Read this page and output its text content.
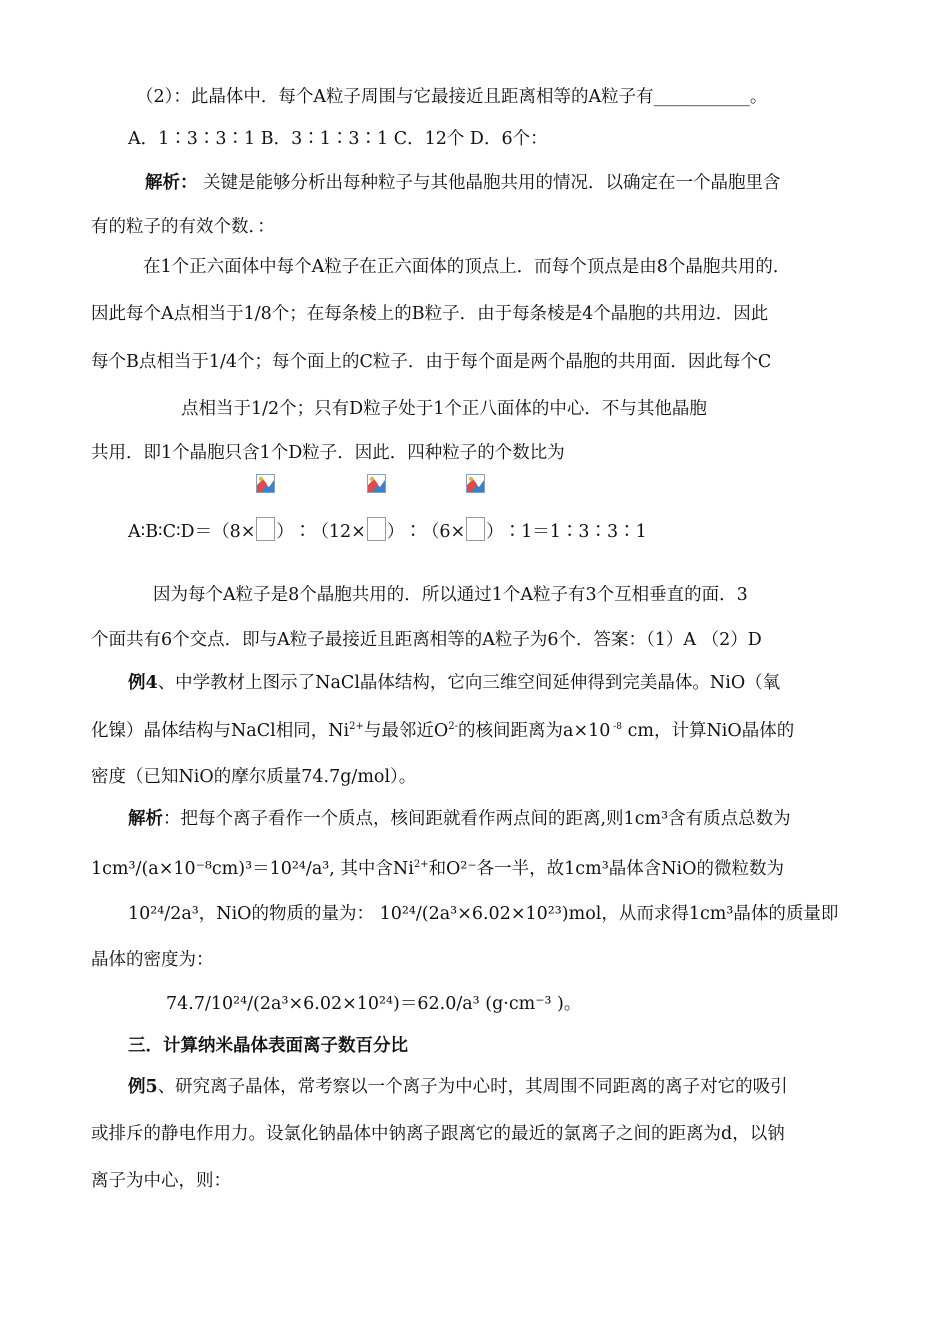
（2）：此晶体中．每个A粒子周围与它最接近且距离相等的A粒子有___________。
A．1∶3∶3∶1 B．3∶1∶3∶1 C．12个 D．6个：
解析： 关键是能够分析出每种粒子与其他晶胞共用的情况．以确定在一个晶胞里含
有的粒子的有效个数．：
在1个正六面体中每个A粒子在正六面体的顶点上．而每个顶点是由8个晶胞共用的．
因此每个A点相当于1/8个；在每条棱上的B粒子．由于每条棱是4个晶胞的共用边．因此
每个B点相当于1/4个；每个面上的C粒子．由于每个面是两个晶胞的共用面．因此每个C
点相当于1/2个；只有D粒子处于1个正八面体的中心．不与其他晶胞
共用．即1个晶胞只含1个D粒子．因此．四种粒子的个数比为
A∶B∶C∶D＝（8× ）∶（12× ）∶（6× ）∶1＝1∶3∶3∶1
因为每个A粒子是8个晶胞共用的．所以通过1个A粒子有3个互相垂直的面．3
个面共有6个交点．即与A粒子最接近且距离相等的A粒子为6个．答案：（1）A （2）D
例4、中学教材上图示了NaCl晶体结构，它向三维空间延伸得到完美晶体。NiO（氧
化镍）晶体结构与NaCl相同，$Ni^{2+}$与最邻近$O^{2-}$的核间距离为a×10 $^{-8}$ cm，计算NiO晶体的
密度（已知NiO的摩尔质量74.7g/mol）。
解析：把每个离子看作一个质点，核间距就看作两点间的距离,则1cm³含有质点总数为
1cm³/(a×10⁻⁸cm)³＝10²⁴/a³, 其中含$Ni^{2+}$和O²⁻各一半，故1cm³晶体含NiO的微粒数为
10²⁴/2a³，NiO的物质的量为： 10²⁴/(2a³×6.02×10²³)mol，从而求得1cm³晶体的质量即
晶体的密度为：
74.7/10²⁴/(2a³×6.02×10²⁴)＝62.0/a³ (g·cm⁻³ )。
三．计算纳米晶体表面离子数百分比
例5、研究离子晶体，常考察以一个离子为中心时，其周围不同距离的离子对它的吸引
或排斥的静电作用力。设氯化钠晶体中钠离子跟离它的最近的氯离子之间的距离为d，以钠
离子为中心，则：
